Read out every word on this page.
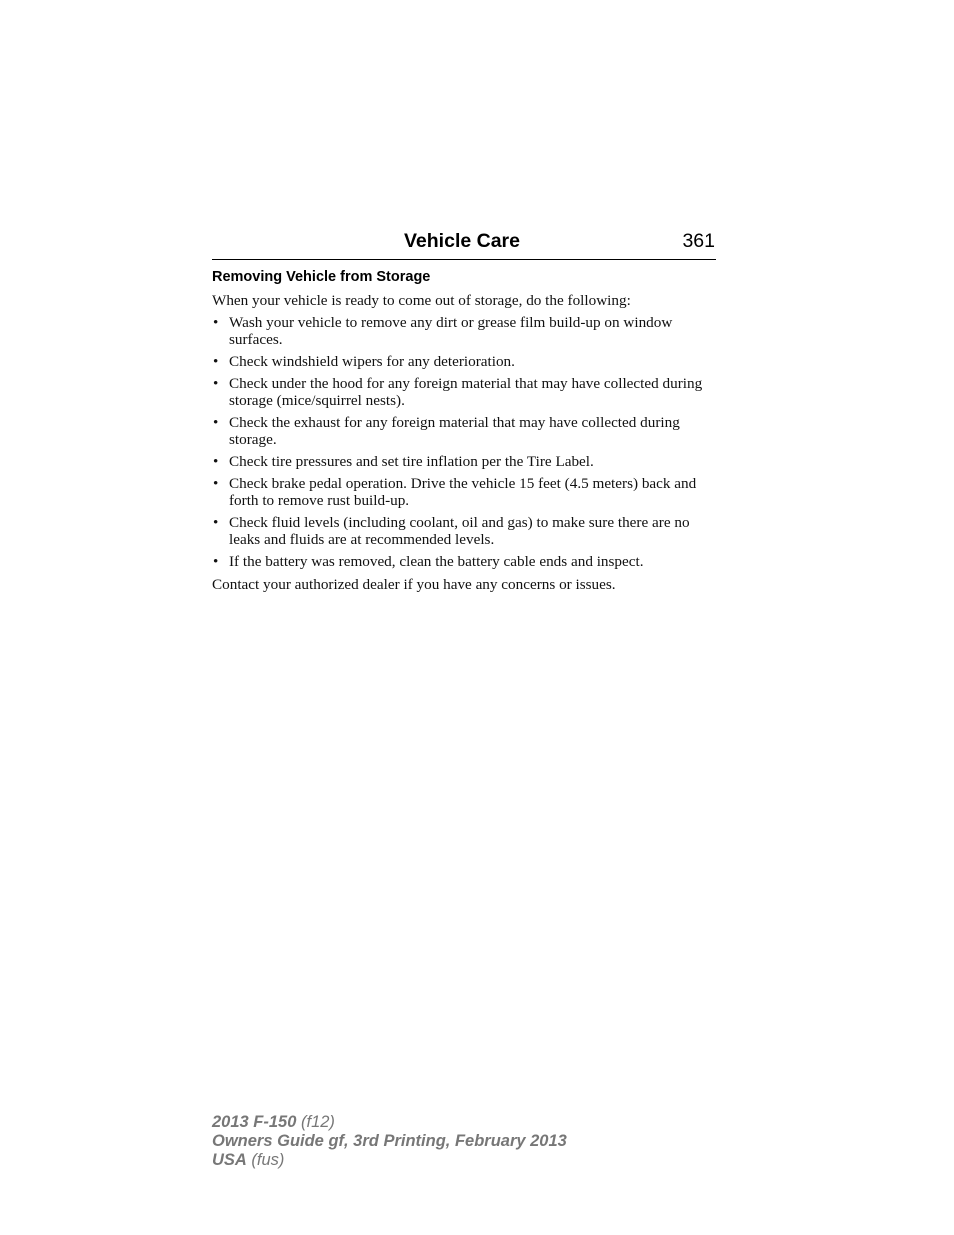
Vehicle Care	361
Removing Vehicle from Storage
When your vehicle is ready to come out of storage, do the following:
• Wash your vehicle to remove any dirt or grease film build-up on window surfaces.
• Check windshield wipers for any deterioration.
• Check under the hood for any foreign material that may have collected during storage (mice/squirrel nests).
• Check the exhaust for any foreign material that may have collected during storage.
• Check tire pressures and set tire inflation per the Tire Label.
• Check brake pedal operation. Drive the vehicle 15 feet (4.5 meters) back and forth to remove rust build-up.
• Check fluid levels (including coolant, oil and gas) to make sure there are no leaks and fluids are at recommended levels.
• If the battery was removed, clean the battery cable ends and inspect.
Contact your authorized dealer if you have any concerns or issues.
2013 F-150 (f12)
Owners Guide gf, 3rd Printing, February 2013
USA (fus)
